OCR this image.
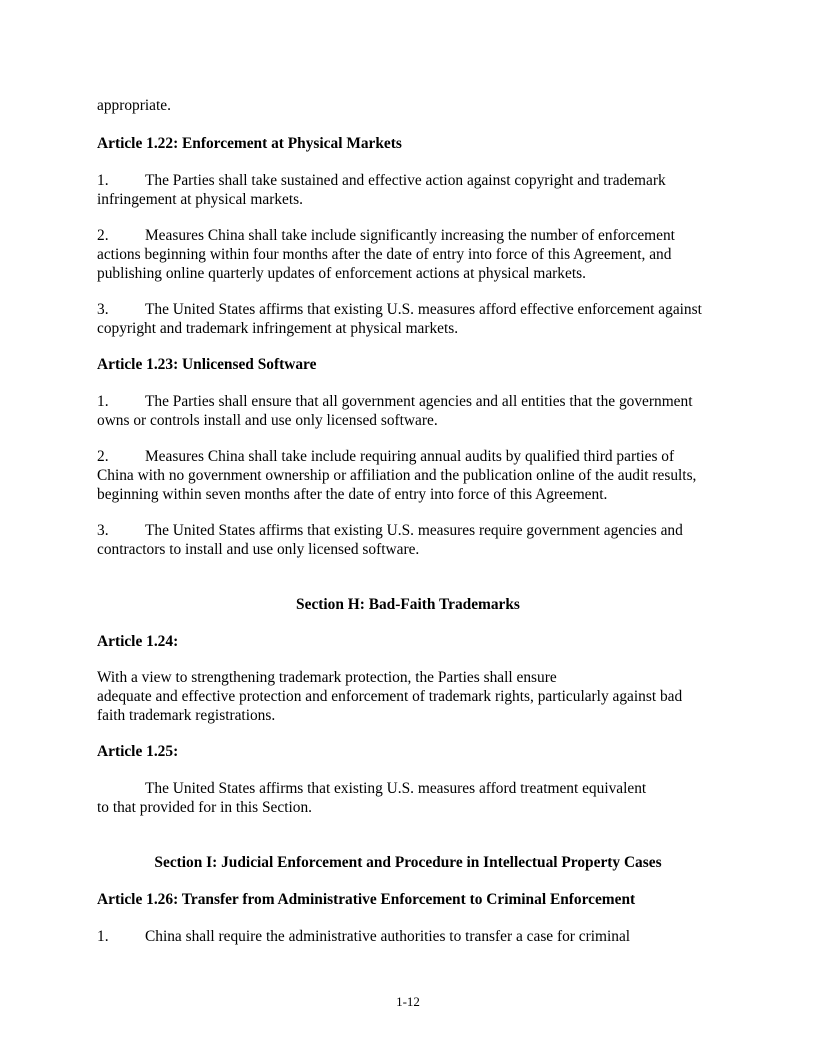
appropriate.
Article 1.22: Enforcement at Physical Markets
1. The Parties shall take sustained and effective action against copyright and trademark
infringement at physical markets.
2. Measures China shall take include significantly increasing the number of enforcement
actions beginning within four months after the date of entry into force of this Agreement, and
publishing online quarterly updates of enforcement actions at physical markets.
3. The United States affirms that existing U.S. measures afford effective enforcement against
copyright and trademark infringement at physical markets.
Article 1.23: Unlicensed Software
1. The Parties shall ensure that all government agencies and all entities that the government
owns or controls install and use only licensed software.
2. Measures China shall take include requiring annual audits by qualified third parties of
China with no government ownership or affiliation and the publication online of the audit results,
beginning within seven months after the date of entry into force of this Agreement.
3. The United States affirms that existing U.S. measures require government agencies and
contractors to install and use only licensed software.
Section H: Bad-Faith Trademarks
Article 1.24:
With a view to strengthening trademark protection, the Parties shall ensure
adequate and effective protection and enforcement of trademark rights, particularly against bad
faith trademark registrations.
Article 1.25:
The United States affirms that existing U.S. measures afford treatment equivalent
to that provided for in this Section.
Section I: Judicial Enforcement and Procedure in Intellectual Property Cases
Article 1.26: Transfer from Administrative Enforcement to Criminal Enforcement
1. China shall require the administrative authorities to transfer a case for criminal
1-12
